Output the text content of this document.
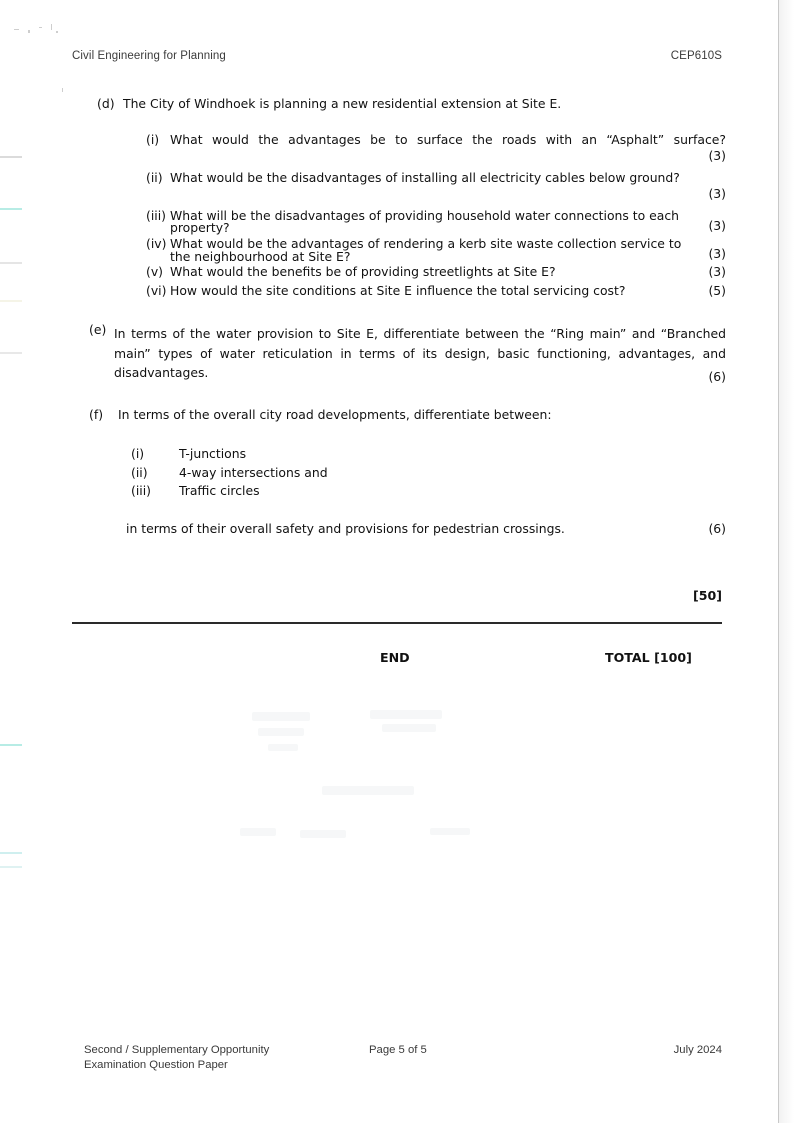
Civil Engineering for Planning	CEP610S
(d) The City of Windhoek is planning a new residential extension at Site E.
(i) What would the advantages be to surface the roads with an “Asphalt” surface?
(3)
(ii) What would be the disadvantages of installing all electricity cables below ground?
(3)
(iii) What will be the disadvantages of providing household water connections to each property?	(3)
(iv) What would be the advantages of rendering a kerb site waste collection service to the neighbourhood at Site E?	(3)
(v) What would the benefits be of providing streetlights at Site E?	(3)
(vi) How would the site conditions at Site E influence the total servicing cost?	(5)
(e) In terms of the water provision to Site E, differentiate between the “Ring main” and “Branched main” types of water reticulation in terms of its design, basic functioning, advantages, and disadvantages.	(6)
(f)	In terms of the overall city road developments, differentiate between:
(i)	T-junctions
(ii)	4-way intersections and
(iii)	Traffic circles
in terms of their overall safety and provisions for pedestrian crossings.	(6)
[50]
END	TOTAL [100]
Second / Supplementary Opportunity
Examination Question Paper
Page 5 of 5	July 2024
